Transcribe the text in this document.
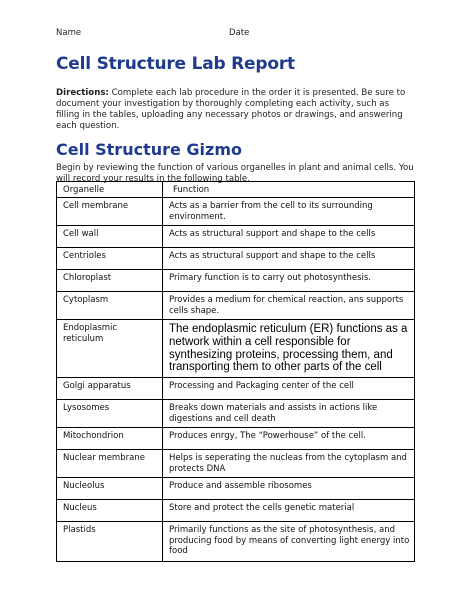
Name	Date
Cell Structure Lab Report
Directions: Complete each lab procedure in the order it is presented. Be sure to document your investigation by thoroughly completing each activity, such as filling in the tables, uploading any necessary photos or drawings, and answering each question.
Cell Structure Gizmo
Begin by reviewing the function of various organelles in plant and animal cells. You will record your results in the following table.
Organelle	Function
Cell membrane	Acts as a barrier from the cell to its surrounding environment.
Cell wall	Acts as structural support and shape to the cells
Centrioles	Acts as structural support and shape to the cells
Chloroplast	Primary function is to carry out photosynthesis.
Cytoplasm	Provides a medium for chemical reaction, ans supports cells shape.
Endoplasmic reticulum	The endoplasmic reticulum (ER) functions as a network within a cell responsible for synthesizing proteins, processing them, and transporting them to other parts of the cell
Golgi apparatus	Processing and Packaging center of the cell
Lysosomes	Breaks down materials and assists in actions like digestions and cell death
Mitochondrion	Produces enrgy, The “Powerhouse” of the cell.
Nuclear membrane	Helps is seperating the nucleas from the cytoplasm and protects DNA
Nucleolus	Produce and assemble ribosomes
Nucleus	Store and protect the cells genetic material
Plastids	Primarily functions as the site of photosynthesis, and producing food by means of converting light energy into food
